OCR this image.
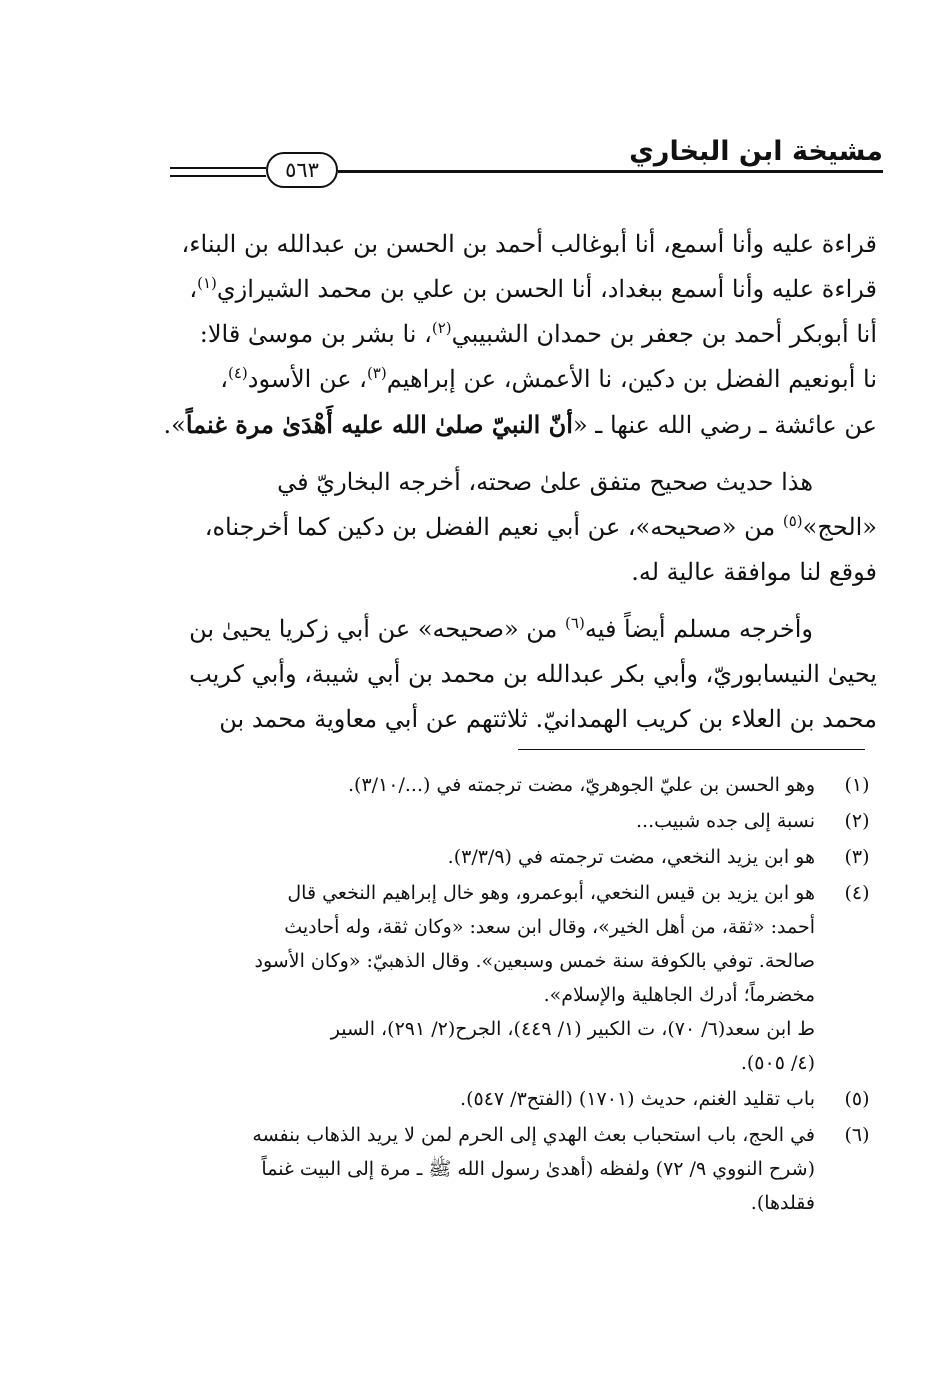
مشيخة ابن البخاري
٥٦٣

قراءة عليه وأنا أسمع، أنا أبوغالب أحمد بن الحسن بن عبدالله بن البناء،
قراءة عليه وأنا أسمع ببغداد، أنا الحسن بن علي بن محمد الشيرازي$^{(١)}$،
أنا أبوبكر أحمد بن جعفر بن حمدان الشبيبي$^{(٢)}$، نا بشر بن موسىٰ قالا:
نا أبونعيم الفضل بن دكين، نا الأعمش، عن إبراهيم$^{(٣)}$، عن الأسود$^{(٤)}$،
عن عائشة ـ رضي الله عنها ـ «أنّ النبيّ صلىٰ الله عليه أَهْدَىٰ مرة غنماً».

هذا حديث صحيح متفق علىٰ صحته، أخرجه البخاريّ في
«الحج»$^{(٥)}$ من «صحيحه»، عن أبي نعيم الفضل بن دكين كما أخرجناه،
فوقع لنا موافقة عالية له.

وأخرجه مسلم أيضاً فيه$^{(٦)}$ من «صحيحه» عن أبي زكريا يحيىٰ بن
يحيىٰ النيسابوريّ، وأبي بكر عبدالله بن محمد بن أبي شيبة، وأبي كريب
محمد بن العلاء بن كريب الهمدانيّ. ثلاثتهم عن أبي معاوية محمد بن

(١)
وهو الحسن بن عليّ الجوهريّ، مضت ترجمته في (.../٣/١٠).
(٢)
نسبة إلى جده شبيب...
(٣)
هو ابن يزيد النخعي، مضت ترجمته في (٣/٣/٩).
(٤)
هو ابن يزيد بن قيس النخعي، أبوعمرو، وهو خال إبراهيم النخعي قال
أحمد: «ثقة، من أهل الخير»، وقال ابن سعد: «وكان ثقة، وله أحاديث
صالحة. توفي بالكوفة سنة خمس وسبعين». وقال الذهبيّ: «وكان الأسود
مخضرماً؛ أدرك الجاهلية والإسلام».
ط ابن سعد(٦/ ٧٠)، ت الكبير (١/ ٤٤٩)، الجرح(٢/ ٢٩١)، السير
(٤/ ٥٠٥).
(٥)
باب تقليد الغنم، حديث (١٧٠١) (الفتح٣/ ٥٤٧).
(٦)
في الحج، باب استحباب بعث الهدي إلى الحرم لمن لا يريد الذهاب بنفسه
(شرح النووي ٩/ ٧٢) ولفظه (أهدىٰ رسول الله ﷺ ـ مرة إلى البيت غنماً
فقلدها).
